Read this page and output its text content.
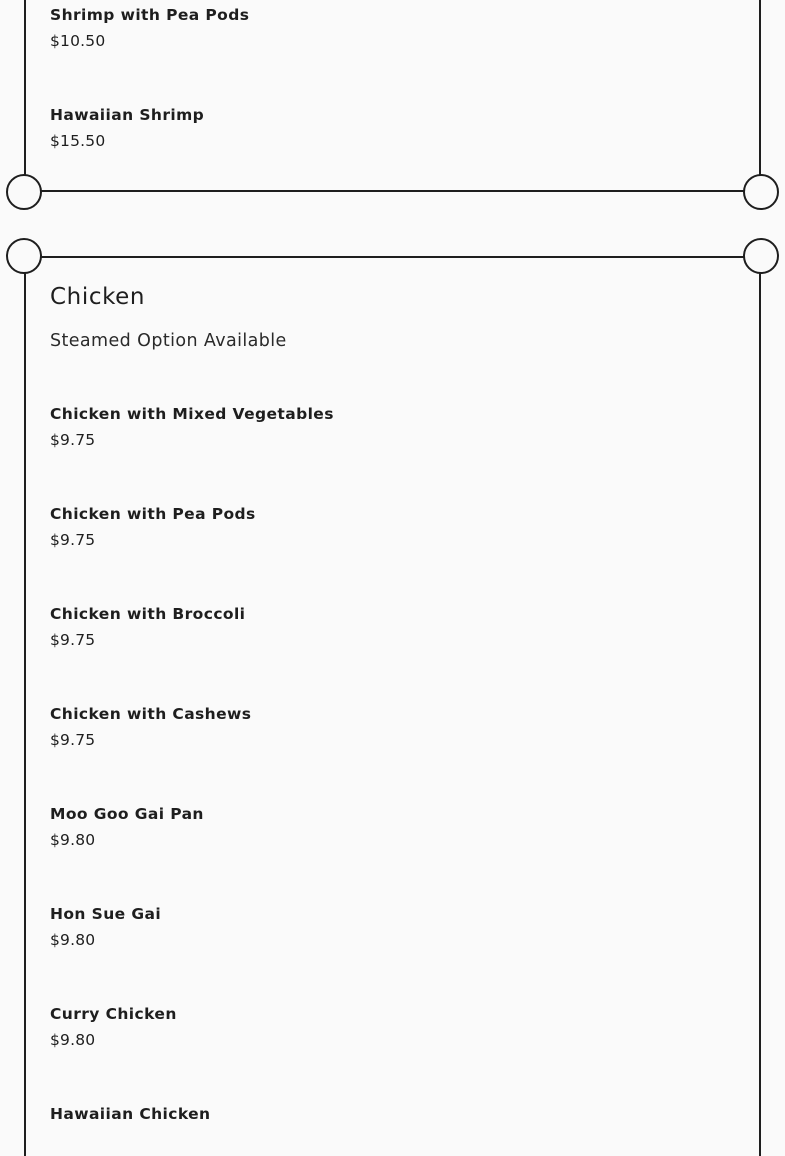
Shrimp with Pea Pods
$10.50
Hawaiian Shrimp
$15.50
Chicken
Steamed Option Available
Chicken with Mixed Vegetables
$9.75
Chicken with Pea Pods
$9.75
Chicken with Broccoli
$9.75
Chicken with Cashews
$9.75
Moo Goo Gai Pan
$9.80
Hon Sue Gai
$9.80
Curry Chicken
$9.80
Hawaiian Chicken
